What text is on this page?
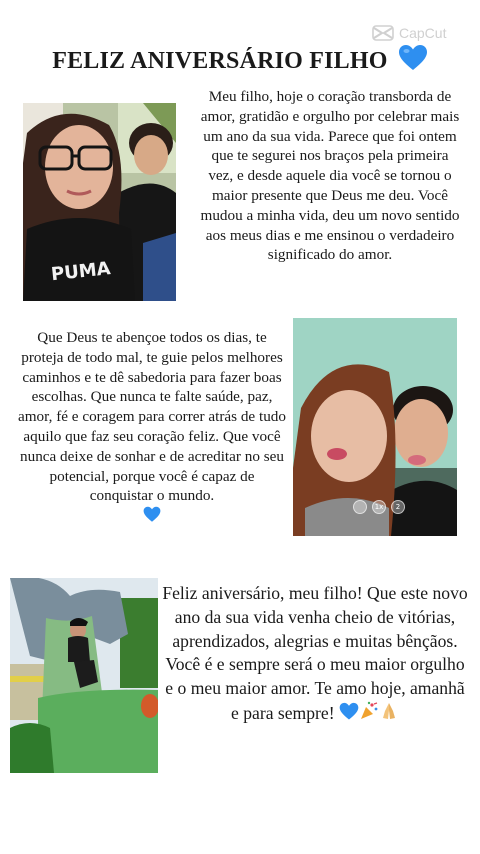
CapCut
FELIZ ANIVERSÁRIO FILHO
PUMA
Meu filho, hoje o coração transborda de amor, gratidão e orgulho por celebrar mais um ano da sua vida. Parece que foi ontem que te segurei nos braços pela primeira vez, e desde aquele dia você se tornou o maior presente que Deus me deu. Você mudou a minha vida, deu um novo sentido aos meus dias e me ensinou o verdadeiro significado do amor.
Que Deus te abençoe todos os dias, te proteja de todo mal, te guie pelos melhores caminhos e te dê sabedoria para fazer boas escolhas. Que nunca te falte saúde, paz, amor, fé e coragem para correr atrás de tudo aquilo que faz seu coração feliz. Que você nunca deixe de sonhar e de acreditar no seu potencial, porque você é capaz de conquistar o mundo.

1x	2
Feliz aniversário, meu filho! Que este novo ano da sua vida venha cheio de vitórias, aprendizados, alegrias e muitas bênçãos. Você é e sempre será o meu maior orgulho e o meu maior amor. Te amo hoje, amanhã e para sempre!
